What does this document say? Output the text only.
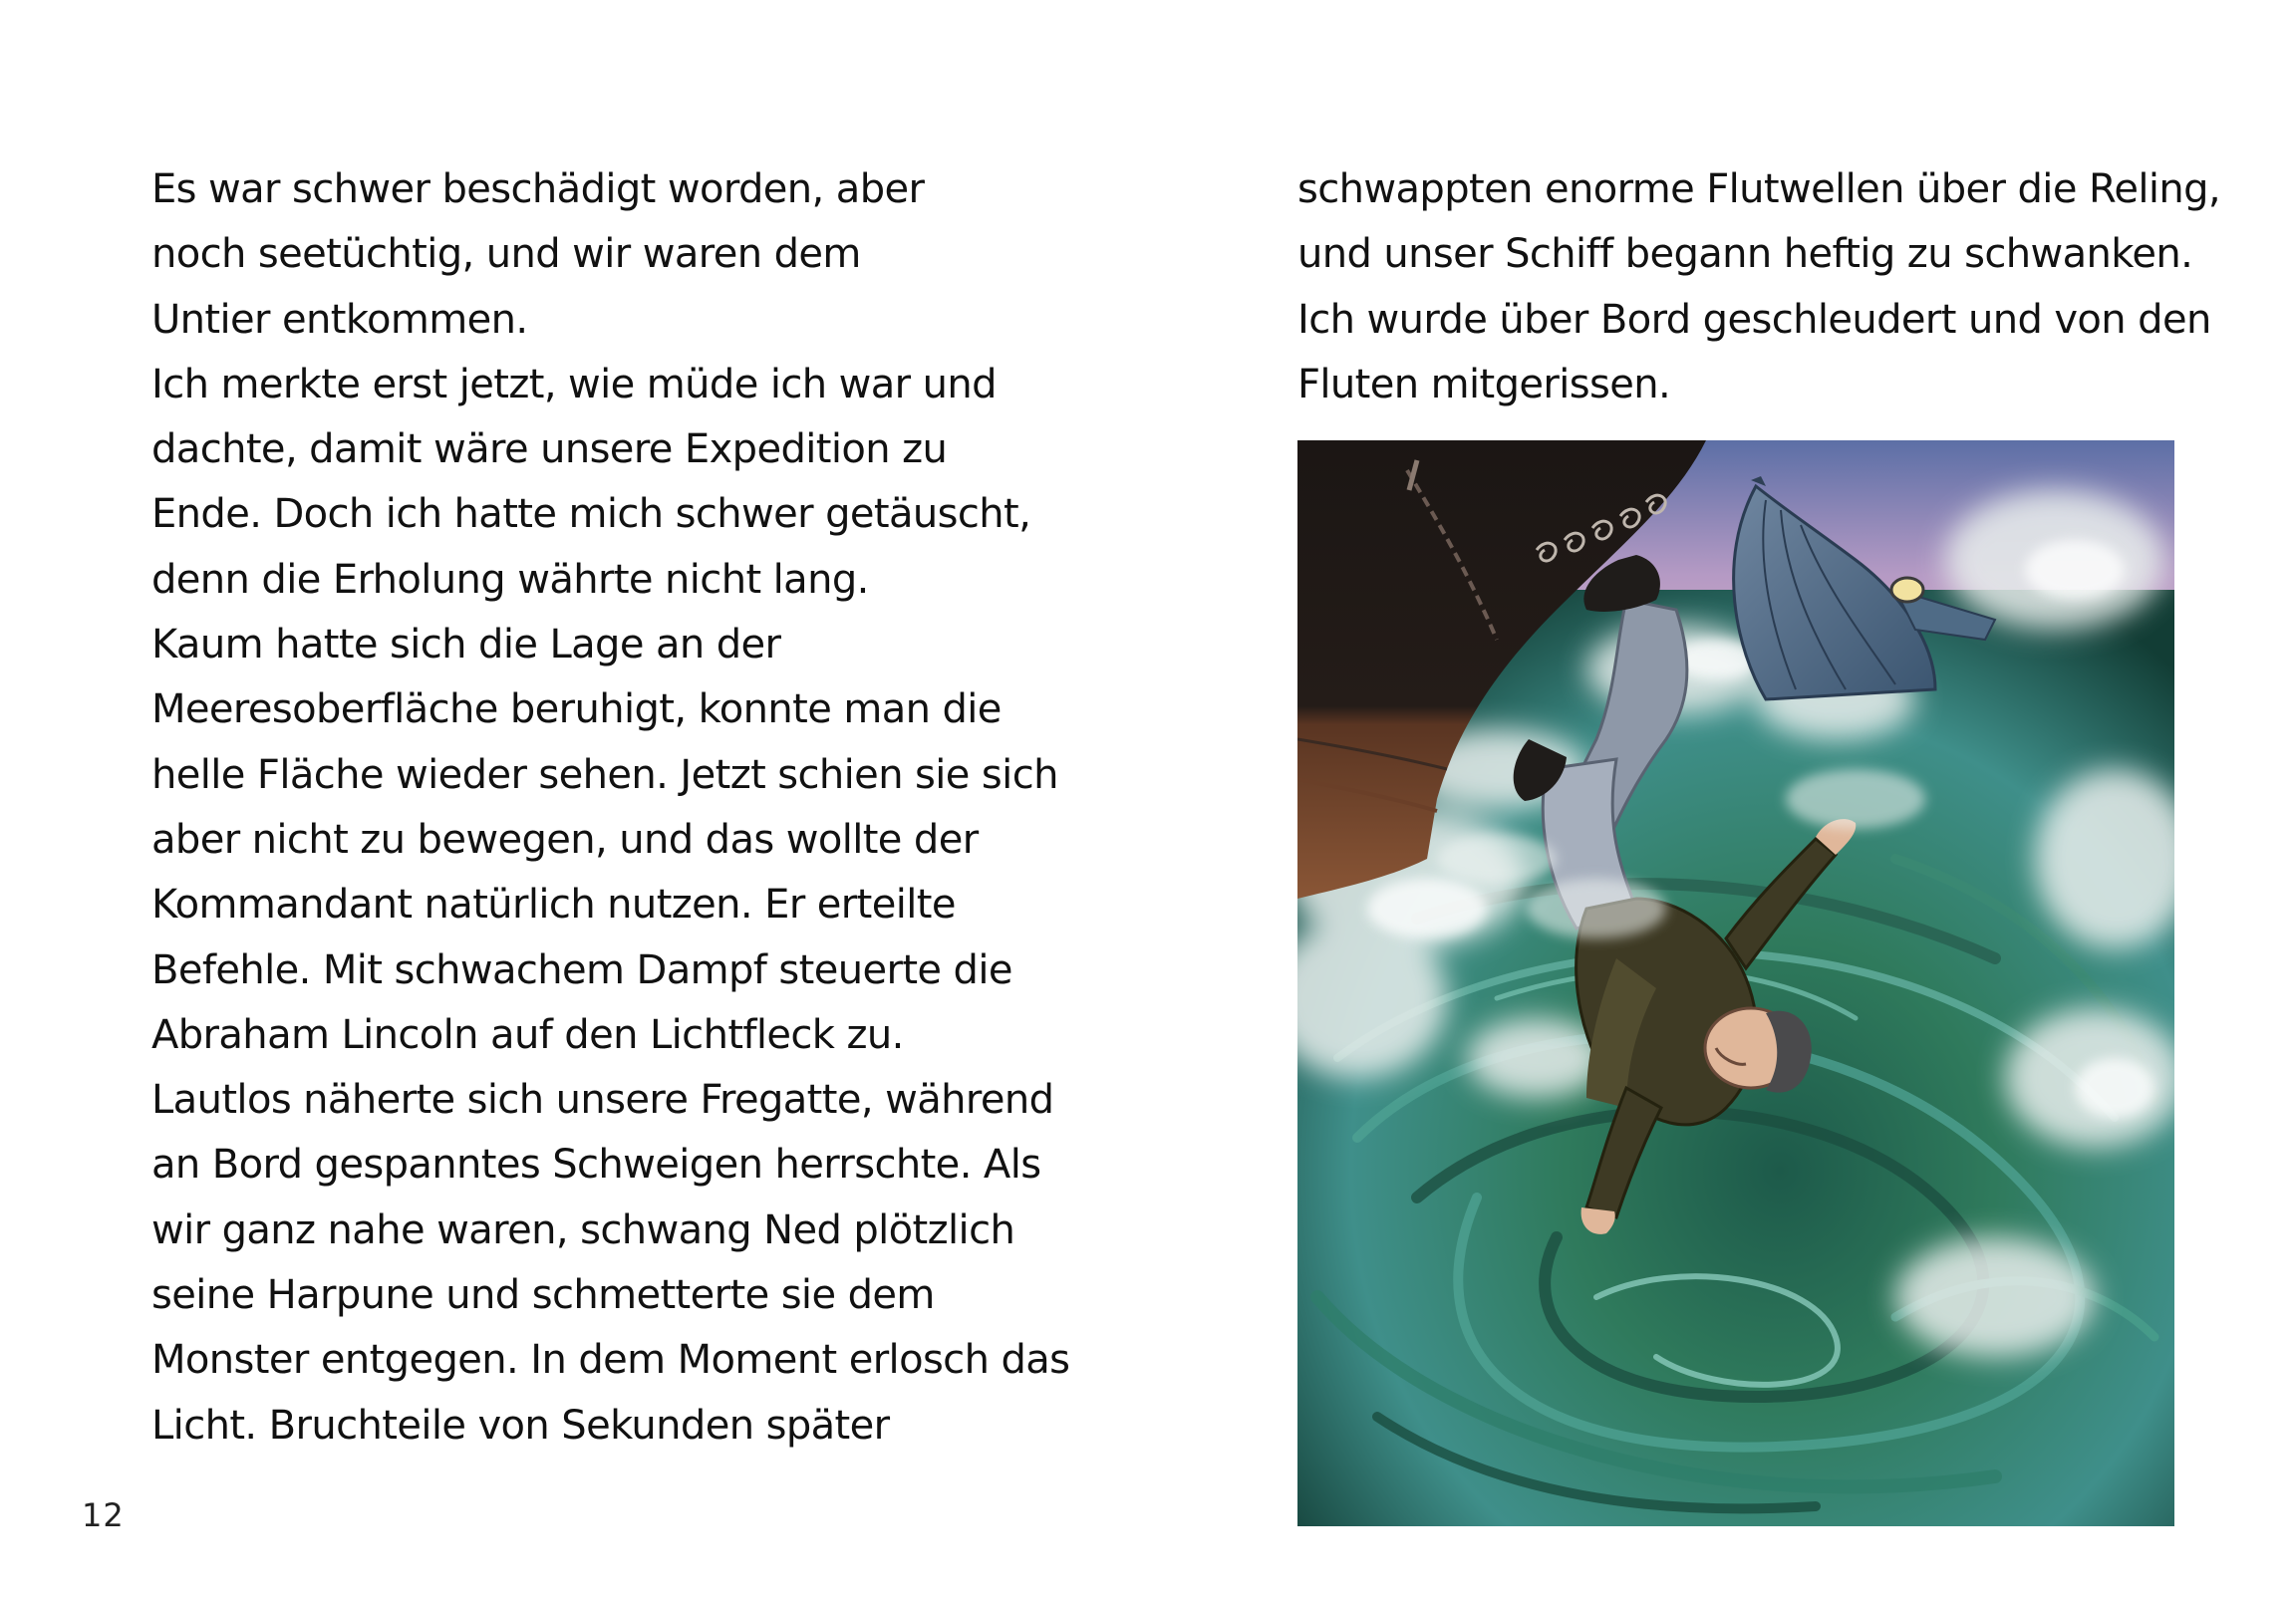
Es war schwer beschädigt worden, aber
noch seetüchtig, und wir waren dem
Untier entkommen.
Ich merkte erst jetzt, wie müde ich war und
dachte, damit wäre unsere Expedition zu
Ende. Doch ich hatte mich schwer getäuscht,
denn die Erholung währte nicht lang.
Kaum hatte sich die Lage an der
Meeresoberfläche beruhigt, konnte man die
helle Fläche wieder sehen. Jetzt schien sie sich
aber nicht zu bewegen, und das wollte der
Kommandant natürlich nutzen. Er erteilte
Befehle. Mit schwachem Dampf steuerte die
Abraham Lincoln auf den Lichtfleck zu.
Lautlos näherte sich unsere Fregatte, während
an Bord gespanntes Schweigen herrschte. Als
wir ganz nahe waren, schwang Ned plötzlich
seine Harpune und schmetterte sie dem
Monster entgegen. In dem Moment erlosch das
Licht. Bruchteile von Sekunden später
12
schwappten enorme Flutwellen über die Reling,
und unser Schiff begann heftig zu schwanken.
Ich wurde über Bord geschleudert und von den
Fluten mitgerissen.
